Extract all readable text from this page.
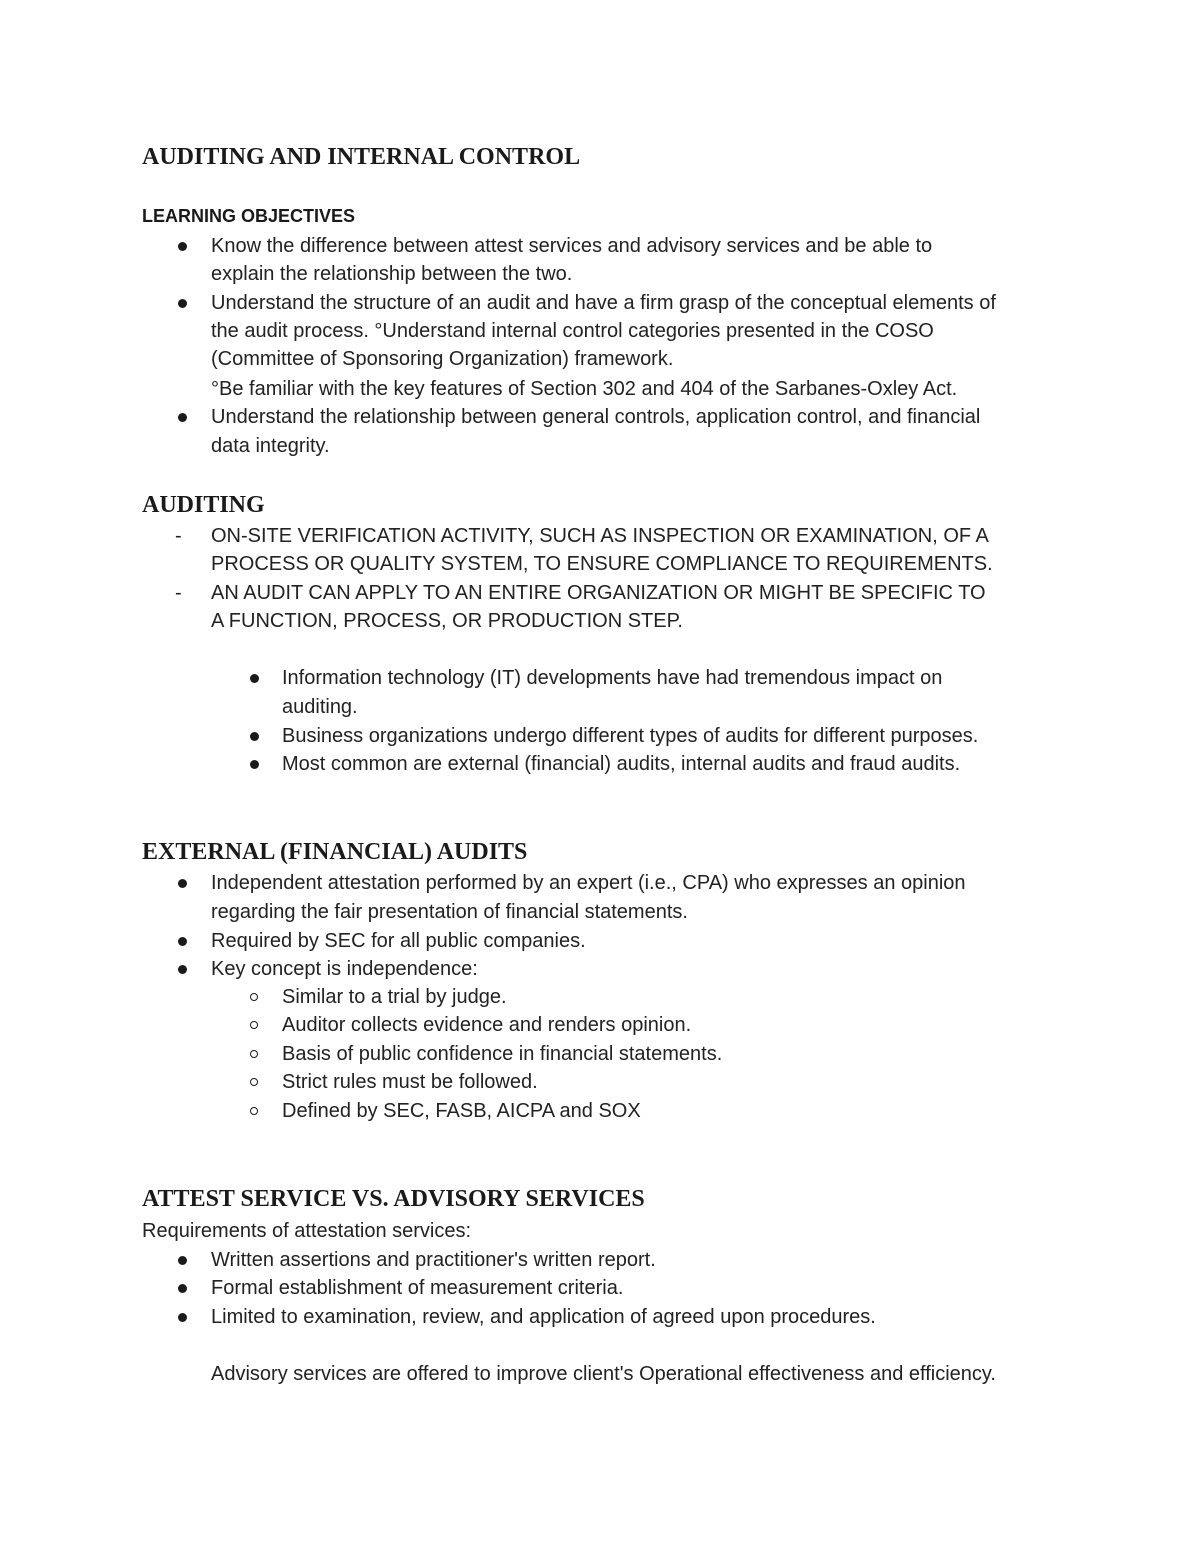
AUDITING AND INTERNAL CONTROL
LEARNING OBJECTIVES
Know the difference between attest services and advisory services and be able to
explain the relationship between the two.
Understand the structure of an audit and have a firm grasp of the conceptual elements of
the audit process. °Understand internal control categories presented in the COSO
(Committee of Sponsoring Organization) framework.
°Be familiar with the key features of Section 302 and 404 of the Sarbanes-Oxley Act.
Understand the relationship between general controls, application control, and financial
data integrity.
AUDITING
- ON-SITE VERIFICATION ACTIVITY, SUCH AS INSPECTION OR EXAMINATION, OF A
PROCESS OR QUALITY SYSTEM, TO ENSURE COMPLIANCE TO REQUIREMENTS.
- AN AUDIT CAN APPLY TO AN ENTIRE ORGANIZATION OR MIGHT BE SPECIFIC TO
A FUNCTION, PROCESS, OR PRODUCTION STEP.
Information technology (IT) developments have had tremendous impact on
auditing.
Business organizations undergo different types of audits for different purposes.
Most common are external (financial) audits, internal audits and fraud audits.
EXTERNAL (FINANCIAL) AUDITS
Independent attestation performed by an expert (i.e., CPA) who expresses an opinion
regarding the fair presentation of financial statements.
Required by SEC for all public companies.
Key concept is independence:
Similar to a trial by judge.
Auditor collects evidence and renders opinion.
Basis of public confidence in financial statements.
Strict rules must be followed.
Defined by SEC, FASB, AICPA and SOX
ATTEST SERVICE VS. ADVISORY SERVICES
Requirements of attestation services:
Written assertions and practitioner's written report.
Formal establishment of measurement criteria.
Limited to examination, review, and application of agreed upon procedures.
Advisory services are offered to improve client's Operational effectiveness and efficiency.
